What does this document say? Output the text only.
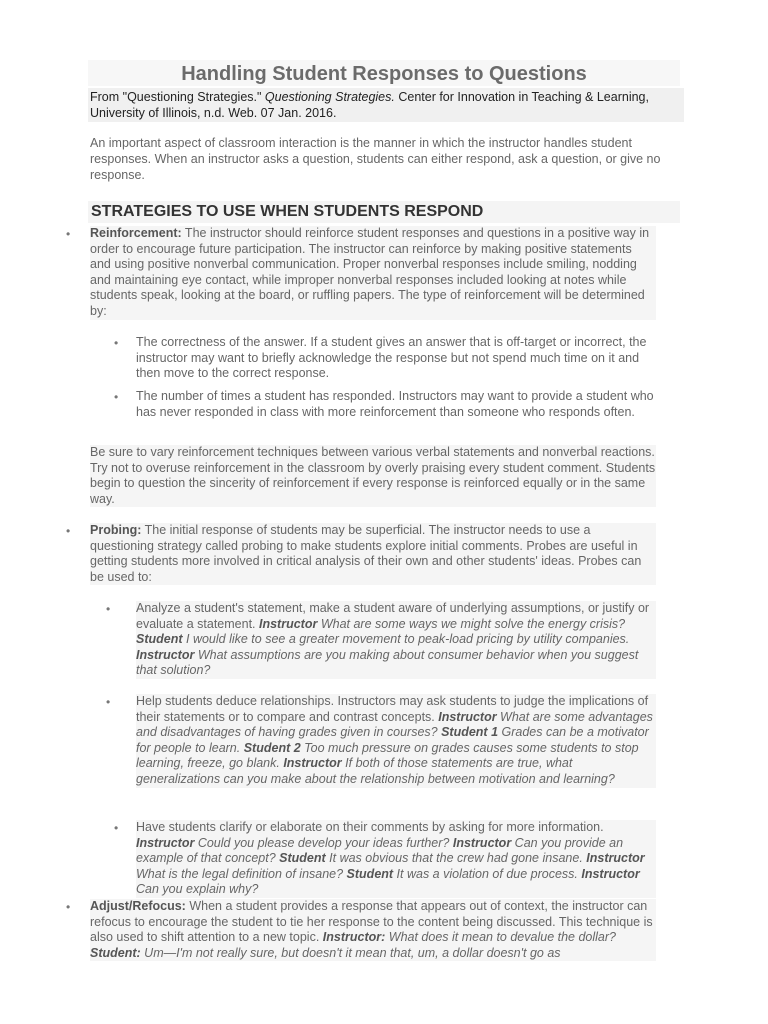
Handling Student Responses to Questions
From "Questioning Strategies." Questioning Strategies. Center for Innovation in Teaching & Learning, University of Illinois, n.d. Web. 07 Jan. 2016.
An important aspect of classroom interaction is the manner in which the instructor handles student responses. When an instructor asks a question, students can either respond, ask a question, or give no response.
STRATEGIES TO USE WHEN STUDENTS RESPOND
• Reinforcement: The instructor should reinforce student responses and questions in a positive way in order to encourage future participation. The instructor can reinforce by making positive statements and using positive nonverbal communication. Proper nonverbal responses include smiling, nodding and maintaining eye contact, while improper nonverbal responses included looking at notes while students speak, looking at the board, or ruffling papers. The type of reinforcement will be determined by:
• The correctness of the answer. If a student gives an answer that is off-target or incorrect, the instructor may want to briefly acknowledge the response but not spend much time on it and then move to the correct response.
• The number of times a student has responded. Instructors may want to provide a student who has never responded in class with more reinforcement than someone who responds often.
Be sure to vary reinforcement techniques between various verbal statements and nonverbal reactions. Try not to overuse reinforcement in the classroom by overly praising every student comment. Students begin to question the sincerity of reinforcement if every response is reinforced equally or in the same way.
• Probing: The initial response of students may be superficial. The instructor needs to use a questioning strategy called probing to make students explore initial comments. Probes are useful in getting students more involved in critical analysis of their own and other students' ideas. Probes can be used to:
• Analyze a student's statement, make a student aware of underlying assumptions, or justify or evaluate a statement. Instructor What are some ways we might solve the energy crisis? Student I would like to see a greater movement to peak-load pricing by utility companies. Instructor What assumptions are you making about consumer behavior when you suggest that solution?
• Help students deduce relationships. Instructors may ask students to judge the implications of their statements or to compare and contrast concepts. Instructor What are some advantages and disadvantages of having grades given in courses? Student 1 Grades can be a motivator for people to learn. Student 2 Too much pressure on grades causes some students to stop learning, freeze, go blank. Instructor If both of those statements are true, what generalizations can you make about the relationship between motivation and learning?
• Have students clarify or elaborate on their comments by asking for more information. Instructor Could you please develop your ideas further? Instructor Can you provide an example of that concept? Student It was obvious that the crew had gone insane. Instructor What is the legal definition of insane? Student It was a violation of due process. Instructor Can you explain why?
• Adjust/Refocus: When a student provides a response that appears out of context, the instructor can refocus to encourage the student to tie her response to the content being discussed. This technique is also used to shift attention to a new topic. Instructor: What does it mean to devalue the dollar? Student: Um—I'm not really sure, but doesn't it mean that, um, a dollar doesn't go as
